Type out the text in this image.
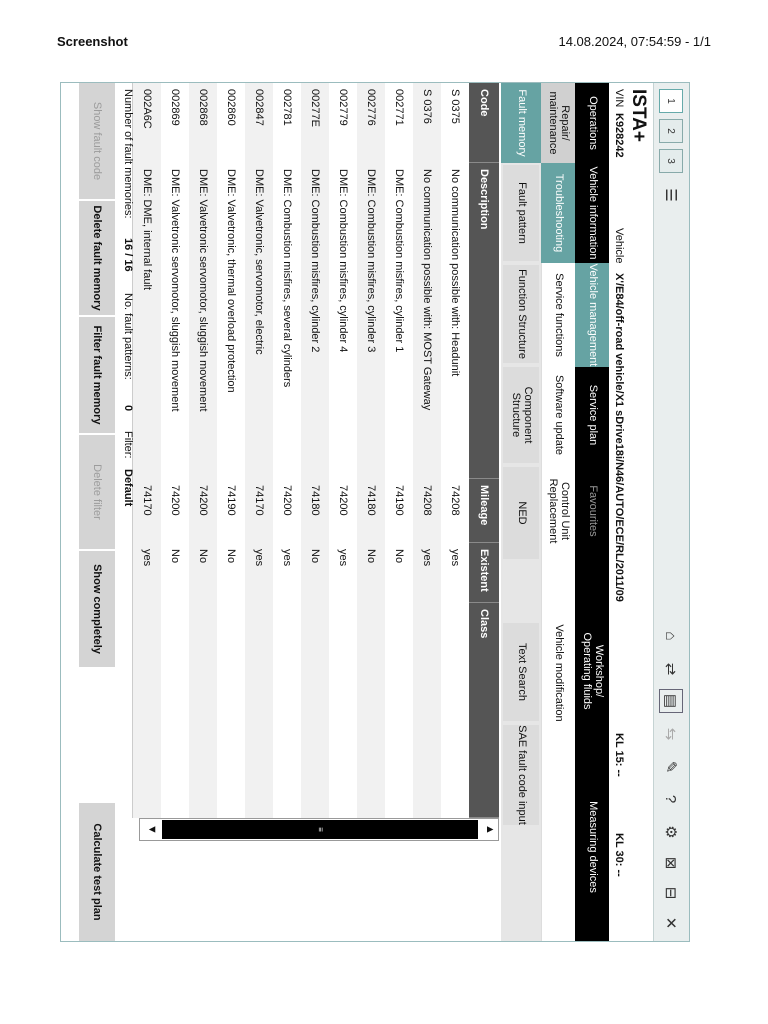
Screenshot	14.08.2024, 07:54:59 - 1/1
1
2
3
☰
⌂
⇄
▤
⇆
✎
?
⚙
⊠
⊟
✕
ISTA+
KL 15: --
KL 30: --
VIN
K928242
Vehicle
X'/E84/off-road vehicle/X1 sDrive18i/N46/AUTO/ECE/RL/2011/09
Operations
Vehicle information
Vehicle management
Service plan
Favourites
Workshop/ Operating fluids
Measuring devices
Repair/ maintenance
Troubleshooting
Service functions
Software update
Control Unit Replacement
Vehicle modification
Fault memory
Fault pattern
Function Structure
Component Structure
NED
Text Search
SAE fault code input
Code
Description
Mileage
Existent
Class
S 0375
No communication possible with: Headunit
74208
yes
S 0376
No communication possible with: MOST Gateway
74208
yes
002771
DME: Combustion misfires, cylinder 1
74190
No
002776
DME: Combustion misfires, cylinder 3
74180
No
002779
DME: Combustion misfires, cylinder 4
74200
yes
00277E
DME: Combustion misfires, cylinder 2
74180
No
002781
DME: Combustion misfires, several cylinders
74200
yes
002847
DME: Valvetronic, servomotor, electric
74170
yes
002860
DME: Valvetronic, thermal overload protection
74190
No
002868
DME: Valvetronic servomotor, sluggish movement
74200
No
002869
DME: Valvetronic servomotor, sluggish movement
74200
No
002A6C
DME: DME, internal fault
74170
yes
▲
≡
▼
Number of fault memories:
16 / 16
No. fault patterns:
0
Filter:
Default
Show fault code
Delete fault memory
Filter fault memory
Delete filter
Show completely
Calculate test plan
